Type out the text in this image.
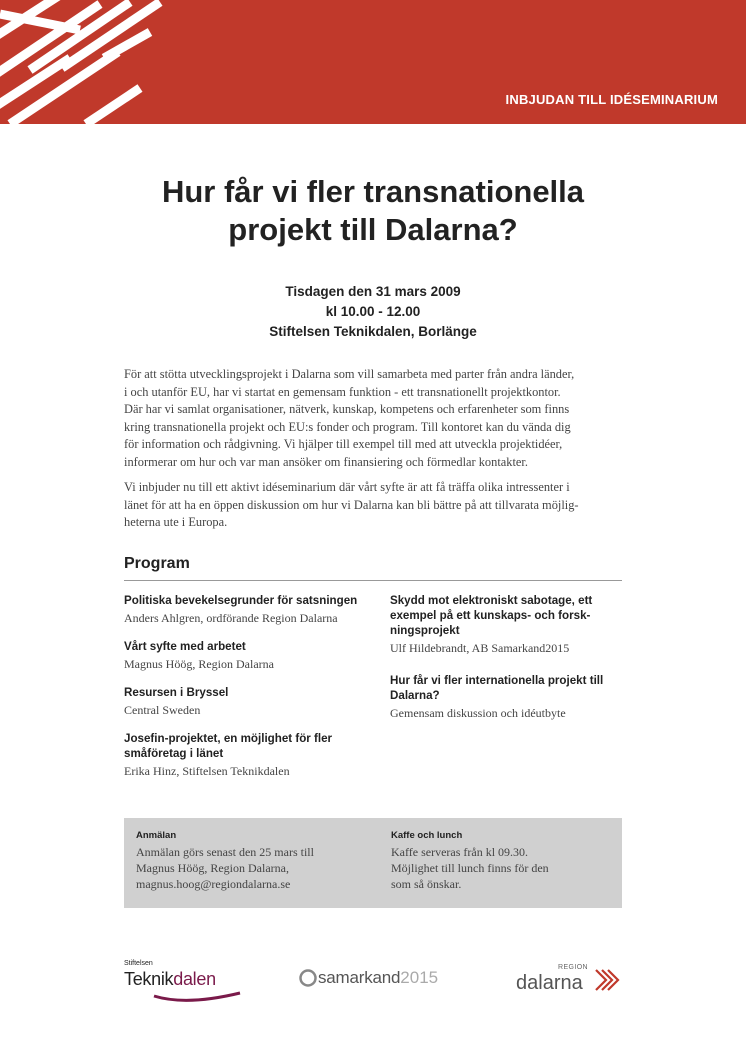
INBJUDAN TILL IDÉSEMINARIUM
Hur får vi fler transnationella
projekt till Dalarna?
Tisdagen den 31 mars 2009
kl 10.00 - 12.00
Stiftelsen Teknikdalen, Borlänge
För att stötta utvecklingsprojekt i Dalarna som vill samarbeta med parter från andra länder,
i och utanför EU, har vi startat en gemensam funktion - ett transnationellt projektkontor.
Där har vi samlat organisationer, nätverk, kunskap, kompetens och erfarenheter som finns
kring transnationella projekt och EU:s fonder och program. Till kontoret kan du vända dig
för information och rådgivning. Vi hjälper till exempel till med att utveckla projektidéer,
informerar om hur och var man ansöker om finansiering och förmedlar kontakter.
Vi inbjuder nu till ett aktivt idéseminarium där vårt syfte är att få träffa olika intressenter i
länet för att ha en öppen diskussion om hur vi Dalarna kan bli bättre på att tillvarata möjlig-
heterna ute i Europa.
Program
Politiska bevekelsegrunder för satsningen
Anders Ahlgren, ordförande Region Dalarna
Vårt syfte med arbetet
Magnus Höög, Region Dalarna
Resursen i Bryssel
Central Sweden
Josefin-projektet, en möjlighet för fler
småföretag i länet
Erika Hinz, Stiftelsen Teknikdalen
Skydd mot elektroniskt sabotage, ett
exempel på ett kunskaps- och forsk-
ningsprojekt
Ulf Hildebrandt, AB Samarkand2015
Hur får vi fler internationella projekt till
Dalarna?
Gemensam diskussion och idéutbyte
Anmälan
Anmälan görs senast den 25 mars till
Magnus Höög, Region Dalarna,
magnus.hoog@regiondalarna.se
Kaffe och lunch
Kaffe serveras från kl 09.30.
Möjlighet till lunch finns för den
som så önskar.
Stiftelsen
Teknikdalen	samarkand2015
REGION
dalarna
